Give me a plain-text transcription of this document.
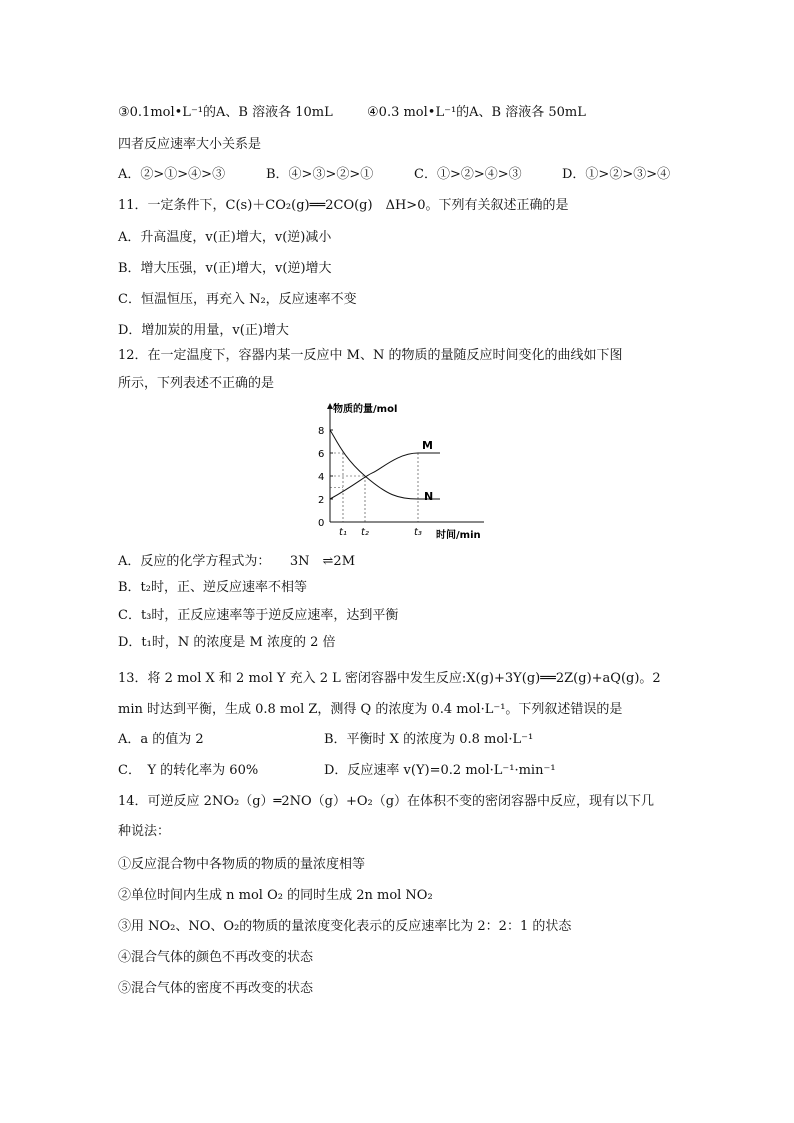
③0.1mol•L⁻¹的A、B 溶液各 10mL	④0.3 mol•L⁻¹的A、B 溶液各 50mL
四者反应速率大小关系是
A．②>①>④>③	B．④>③>②>①	C．①>②>④>③	D．①>②>③>④
11．一定条件下，C(s)＋CO₂(g)══2CO(g)　ΔH>0。下列有关叙述正确的是
A．升高温度，v(正)增大，v(逆)减小
B．增大压强，v(正)增大，v(逆)增大
C．恒温恒压，再充入 N₂，反应速率不变
D．增加炭的用量，v(正)增大
12．在一定温度下，容器内某一反应中 M、N 的物质的量随反应时间变化的曲线如下图
所示，下列表述不正确的是
物质的量/mol
时间/min
0
2
4
6
8
M
N
t₁ t₂	t₃
A．反应的化学方程式为：　　3N　⇌2M
B．t₂时，正、逆反应速率不相等
C．t₃时，正反应速率等于逆反应速率，达到平衡
D．t₁时，N 的浓度是 M 浓度的 2 倍
13．将 2 mol X 和 2 mol Y 充入 2 L 密闭容器中发生反应:X(g)+3Y(g)══2Z(g)+aQ(g)。2
min 时达到平衡，生成 0.8 mol Z，测得 Q 的浓度为 0.4 mol·L⁻¹。下列叙述错误的是
A．a 的值为 2	B．平衡时 X 的浓度为 0.8 mol·L⁻¹
C．　Y 的转化率为 60%	D．反应速率 v(Y)=0.2 mol·L⁻¹·min⁻¹
14．可逆反应 2NO₂（g）═2NO（g）+O₂（g）在体积不变的密闭容器中反应，现有以下几
种说法：
①反应混合物中各物质的物质的量浓度相等
②单位时间内生成 n mol O₂ 的同时生成 2n mol NO₂
③用 NO₂、NO、O₂的物质的量浓度变化表示的反应速率比为 2：2：1 的状态
④混合气体的颜色不再改变的状态
⑤混合气体的密度不再改变的状态
